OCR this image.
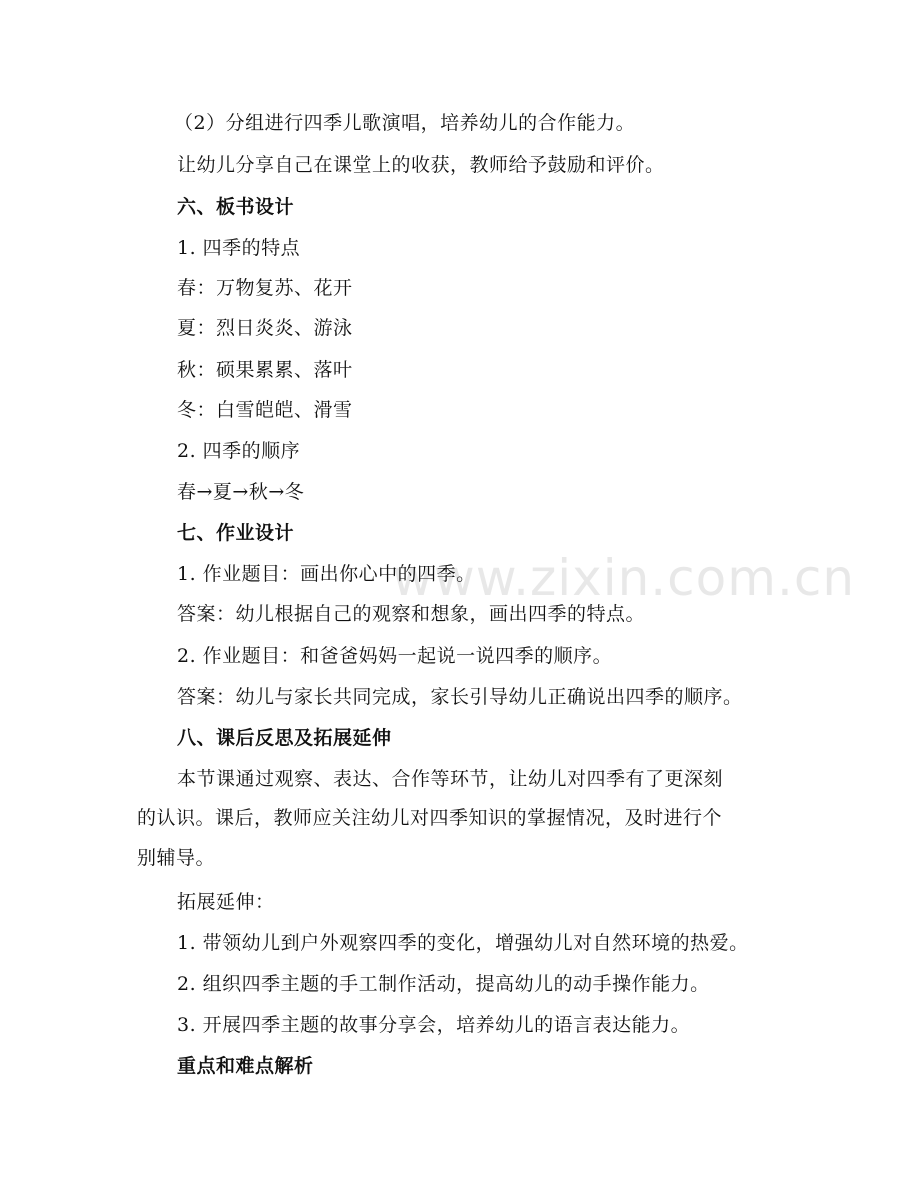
www.zixin.com.cn
（2）分组进行四季儿歌演唱，培养幼儿的合作能力。
让幼儿分享自己在课堂上的收获，教师给予鼓励和评价。
六、板书设计
1. 四季的特点
春：万物复苏、花开
夏：烈日炎炎、游泳
秋：硕果累累、落叶
冬：白雪皑皑、滑雪
2. 四季的顺序
春→夏→秋→冬
七、作业设计
1. 作业题目：画出你心中的四季。
答案：幼儿根据自己的观察和想象，画出四季的特点。
2. 作业题目：和爸爸妈妈一起说一说四季的顺序。
答案：幼儿与家长共同完成，家长引导幼儿正确说出四季的顺序。
八、课后反思及拓展延伸
本节课通过观察、表达、合作等环节，让幼儿对四季有了更深刻
的认识。课后，教师应关注幼儿对四季知识的掌握情况，及时进行个
别辅导。
拓展延伸：
1. 带领幼儿到户外观察四季的变化，增强幼儿对自然环境的热爱。
2. 组织四季主题的手工制作活动，提高幼儿的动手操作能力。
3. 开展四季主题的故事分享会，培养幼儿的语言表达能力。
重点和难点解析
